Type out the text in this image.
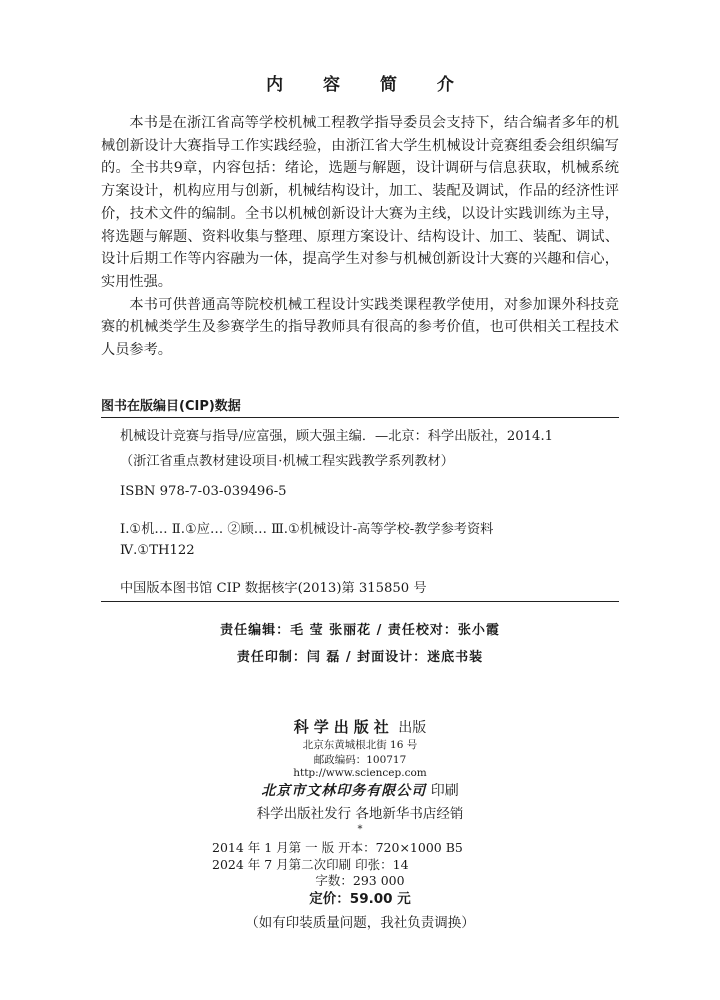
内 容 简 介

本书是在浙江省高等学校机械工程教学指导委员会支持下，结合编者多年的机械创新设计大赛指导工作实践经验，由浙江省大学生机械设计竞赛组委会组织编写的。全书共9章，内容包括：绪论，选题与解题，设计调研与信息获取，机械系统方案设计，机构应用与创新，机械结构设计，加工、装配及调试，作品的经济性评价，技术文件的编制。全书以机械创新设计大赛为主线，以设计实践训练为主导，将选题与解题、资料收集与整理、原理方案设计、结构设计、加工、装配、调试、设计后期工作等内容融为一体，提高学生对参与机械创新设计大赛的兴趣和信心，实用性强。

本书可供普通高等院校机械工程设计实践类课程教学使用，对参加课外科技竞赛的机械类学生及参赛学生的指导教师具有很高的参考价值，也可供相关工程技术人员参考。

图书在版编目(CIP)数据
机械设计竞赛与指导/应富强，顾大强主编．—北京：科学出版社，2014.1
（浙江省重点教材建设项目·机械工程实践教学系列教材）
ISBN 978-7-03-039496-5
Ⅰ.①机… Ⅱ.①应… ②顾… Ⅲ.①机械设计-高等学校-教学参考资料
Ⅳ.①TH122
中国版本图书馆 CIP 数据核字(2013)第 315850 号
责任编辑：毛 莹 张丽花 / 责任校对：张小霞
责任印制：闫 磊 / 封面设计：迷底书装
科学出版社 出版
北京东黄城根北街 16 号
邮政编码：100717
http://www.sciencep.com
北京市文林印务有限公司 印刷
科学出版社发行 各地新华书店经销
*
2014 年 1 月第 一 版 开本：720×1000 B5
2024 年 7 月第二次印刷 印张：14
字数：293 000
定价：59.00 元
（如有印装质量问题，我社负责调换）
